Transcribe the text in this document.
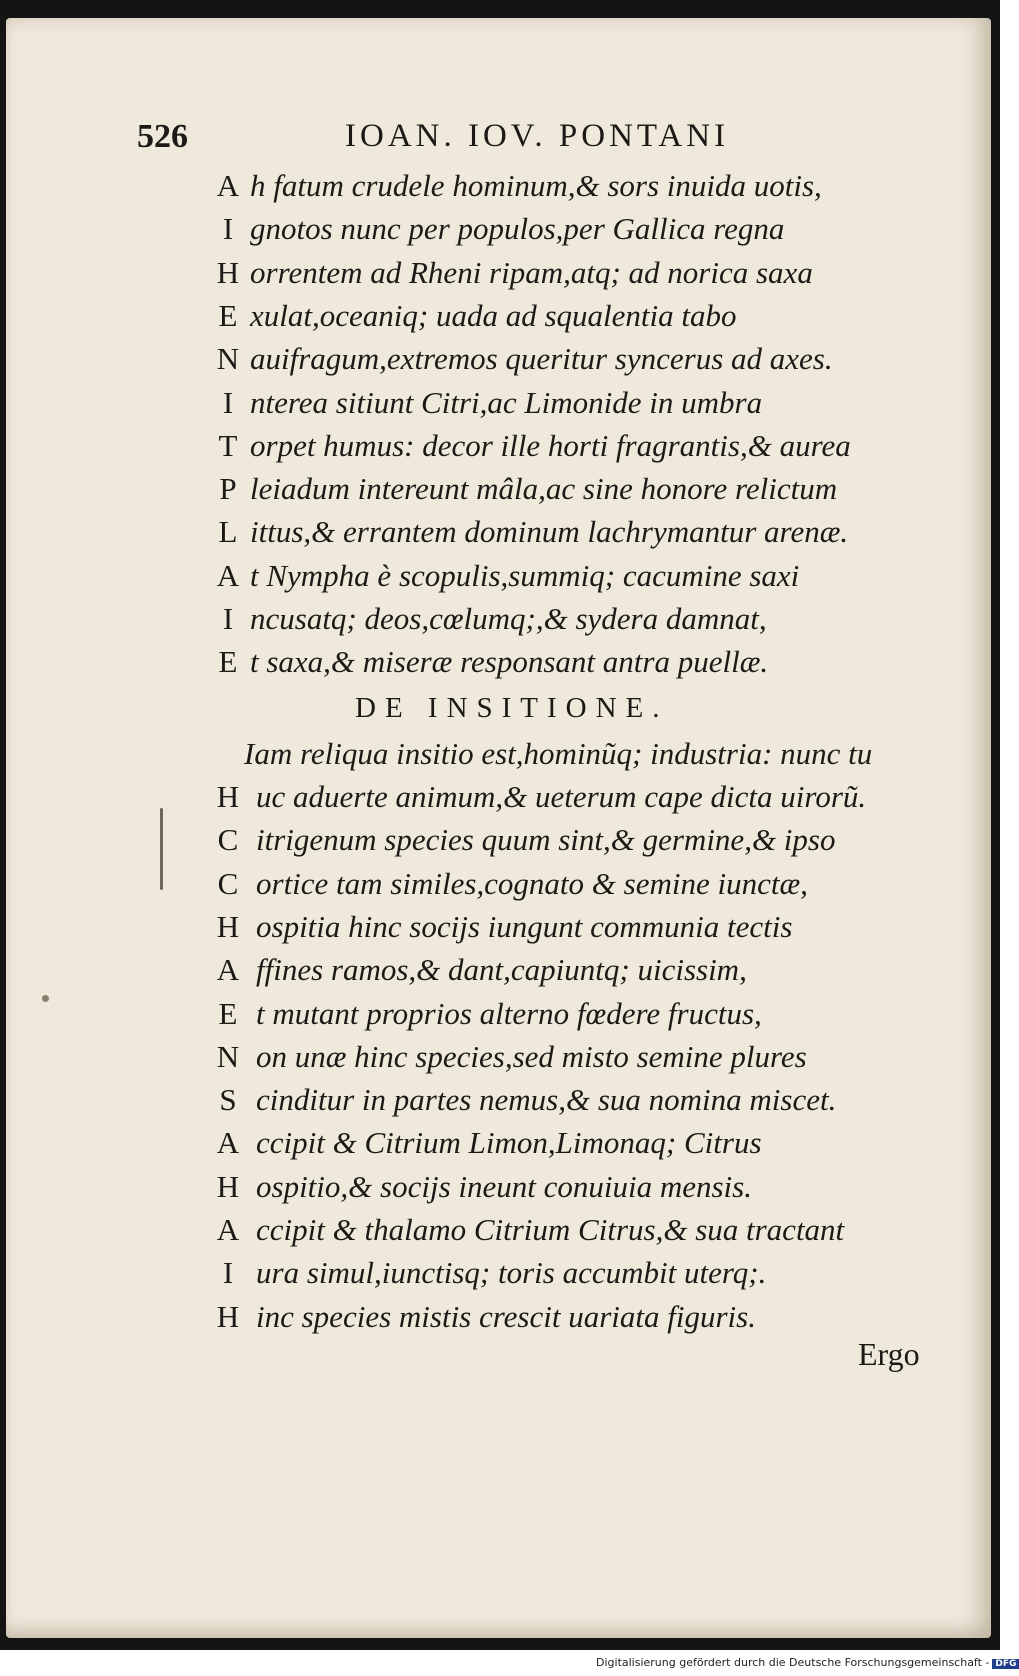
526	IOAN. IOV. PONTANI
A h fatum crudele hominum,& sors inuida uotis,
I gnotos nunc per populos,per Gallica regna
H orrentem ad Rheni ripam,atq; ad norica saxa
E xulat,oceaniq; uada ad squalentia tabo
N auifragum,extremos queritur syncerus ad axes.
I nterea sitiunt Citri,ac Limonide in umbra
T orpet humus: decor ille horti fragrantis,& aurea
P leiadum intereunt mâla,ac sine honore relictum
L ittus,& errantem dominum lachrymantur arenæ.
A t Nympha è scopulis,summiq; cacumine saxi
I ncusatq; deos,cœlumq;,& sydera damnat,
E t saxa,& miseræ responsant antra puellæ.
DE INSITIONE.
Iam reliqua insitio est,hominũq; industria: nunc tu
H uc aduerte animum,& ueterum cape dicta uirorũ.
C itrigenum species quum sint,& germine,& ipso
C ortice tam similes,cognato & semine iunctæ,
H ospitia hinc socijs iungunt communia tectis
A ffines ramos,& dant,capiuntq; uicissim,
E t mutant proprios alterno fœdere fructus,
N on unæ hinc species,sed misto semine plures
S cinditur in partes nemus,& sua nomina miscet.
A ccipit & Citrium Limon,Limonaq; Citrus
H ospitio,& socijs ineunt conuiuia mensis.
A ccipit & thalamo Citrium Citrus,& sua tractant
I ura simul,iunctisq; toris accumbit uterq;.
H inc species mistis crescit uariata figuris.
Ergo
Digitalisierung gefördert durch die Deutsche Forschungsgemeinschaft - DFG
